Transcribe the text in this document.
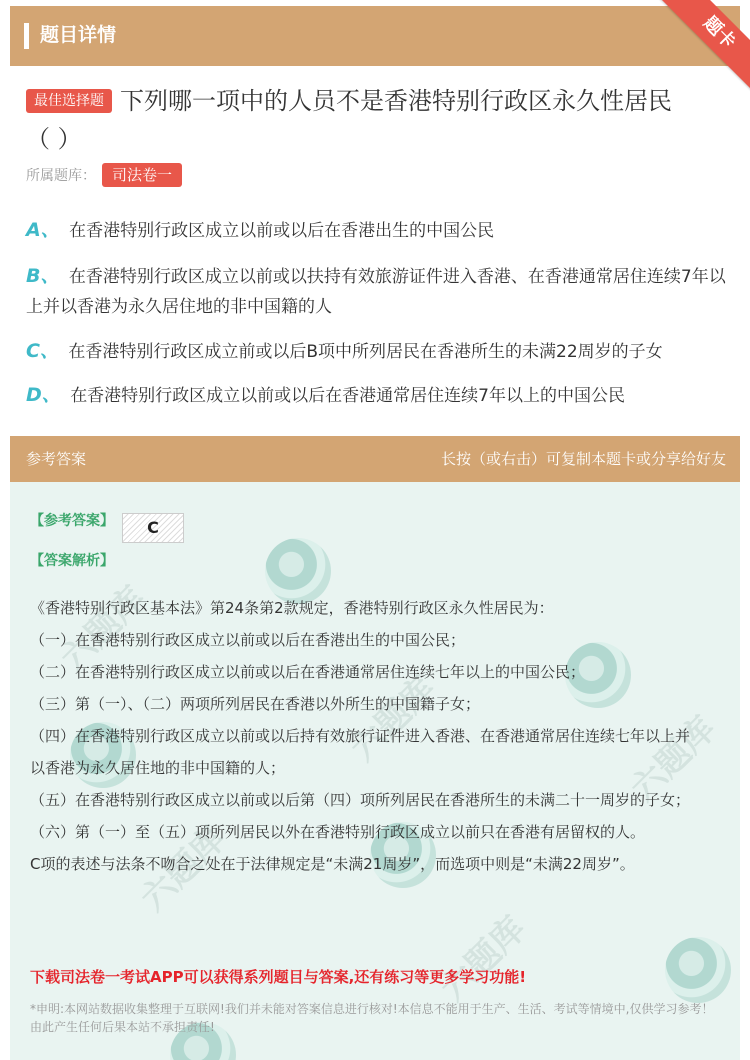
题目详情
最佳选择题 下列哪一项中的人员不是香港特别行政区永久性居民
（ ）
所属题库： 司法卷一
A、 在香港特别行政区成立以前或以后在香港出生的中国公民
B、 在香港特别行政区成立以前或以扶持有效旅游证件进入香港、在香港通常居住连续7年以上并以香港为永久居住地的非中国籍的人
C、 在香港特别行政区成立前或以后B项中所列居民在香港所生的未满22周岁的子女
D、 在香港特别行政区成立以前或以后在香港通常居住连续7年以上的中国公民
题卡
参考答案	长按（或右击）可复制本题卡或分享给好友
六题库
六题库	六题库
六题库
六题库
【参考答案】 C
【答案解析】

《香港特别行政区基本法》第24条第2款规定，香港特别行政区永久性居民为：

（一）在香港特别行政区成立以前或以后在香港出生的中国公民；

（二）在香港特别行政区成立以前或以后在香港通常居住连续七年以上的中国公民；

（三）第（一）、（二）两项所列居民在香港以外所生的中国籍子女；

（四）在香港特别行政区成立以前或以后持有效旅行证件进入香港、在香港通常居住连续七年以上并以香港为永久居住地的非中国籍的人；

（五）在香港特别行政区成立以前或以后第（四）项所列居民在香港所生的未满二十一周岁的子女；

（六）第（一）至（五）项所列居民以外在香港特别行政区成立以前只在香港有居留权的人。

C项的表述与法条不吻合之处在于法律规定是“未满21周岁”，而选项中则是“未满22周岁”。

下载司法卷一考试APP可以获得系列题目与答案,还有练习等更多学习功能!
*申明:本网站数据收集整理于互联网!我们并未能对答案信息进行核对!本信息不能用于生产、生活、考试等情境中,仅供学习参考！由此产生任何后果本站不承担责任!
